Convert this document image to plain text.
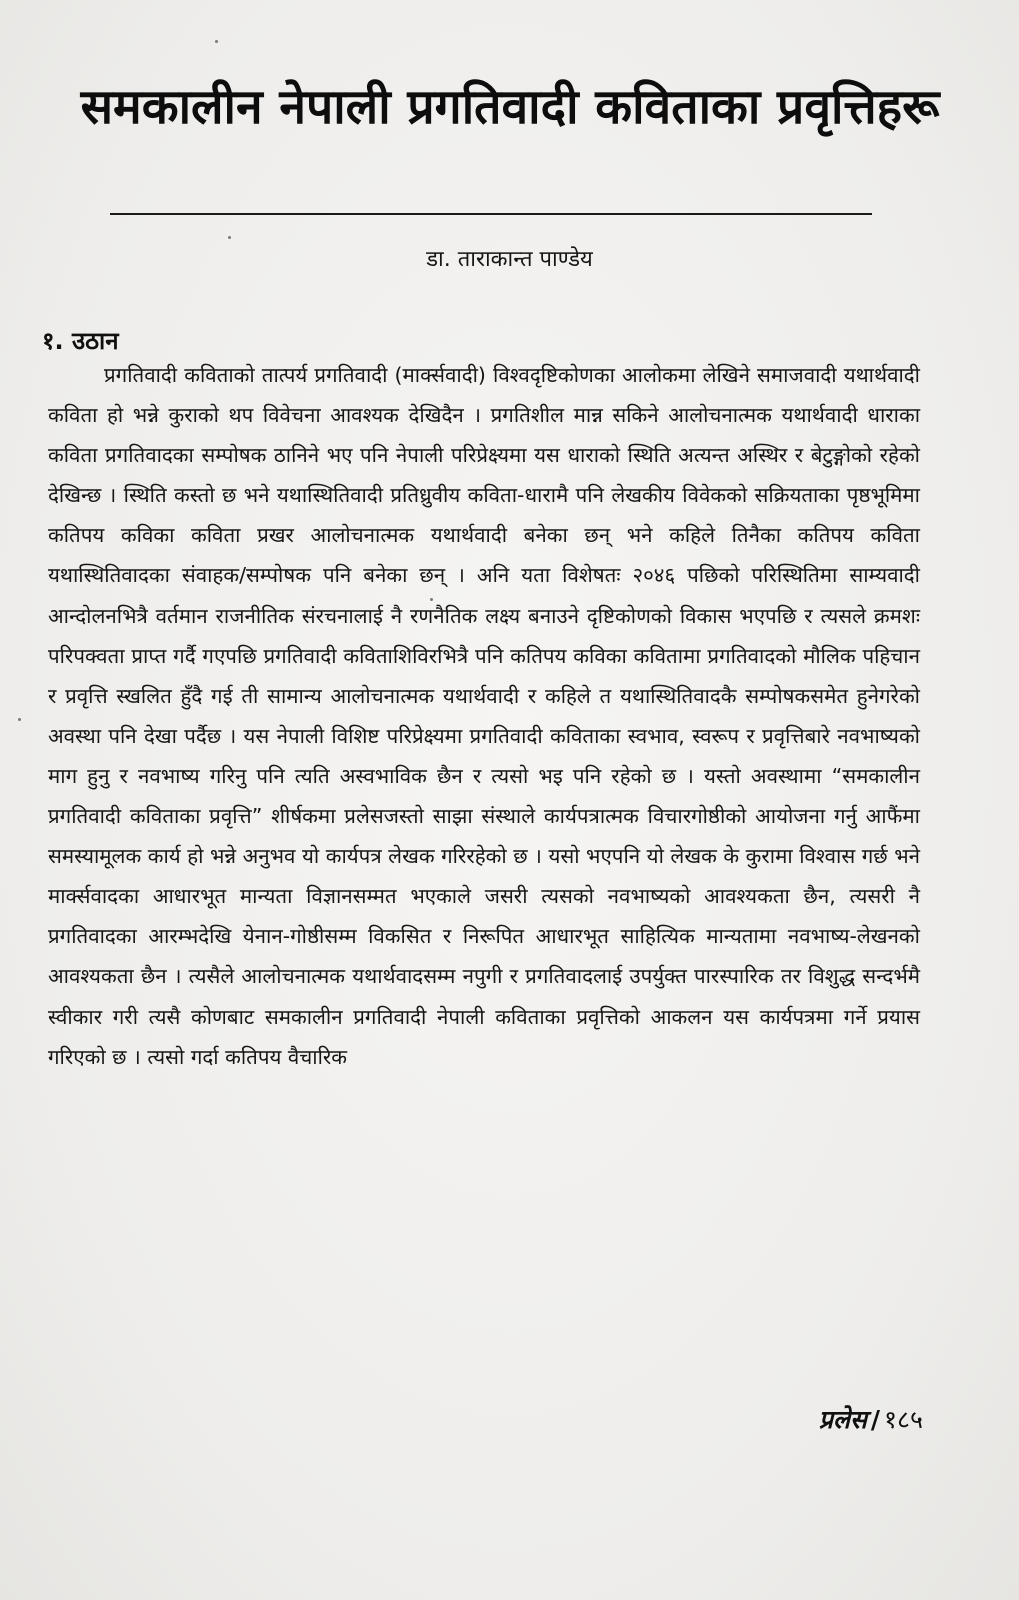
समकालीन नेपाली प्रगतिवादी कविताका प्रवृत्तिहरू
डा. ताराकान्त पाण्डेय
१. उठान

प्रगतिवादी कविताको तात्पर्य प्रगतिवादी (मार्क्सवादी) विश्वदृष्टिकोणका आलोकमा लेखिने समाजवादी यथार्थवादी कविता हो भन्ने कुराको थप विवेचना आवश्यक देखिदैन । प्रगतिशील मान्न सकिने आलोचनात्मक यथार्थवादी धाराका कविता प्रगतिवादका सम्पोषक ठानिने भए पनि नेपाली परिप्रेक्ष्यमा यस धाराको स्थिति अत्यन्त अस्थिर र बेटुङ्गोको रहेको देखिन्छ । स्थिति कस्तो छ भने यथास्थितिवादी प्रतिध्रुवीय कविता-धारामै पनि लेखकीय विवेकको सक्रियताका पृष्ठभूमिमा कतिपय कविका कविता प्रखर आलोचनात्मक यथार्थवादी बनेका छन् भने कहिले तिनैका कतिपय कविता यथास्थितिवादका संवाहक/सम्पोषक पनि बनेका छन् । अनि यता विशेषतः २०४६ पछिको परिस्थितिमा साम्यवादी आन्दोलनभित्रै वर्तमान राजनीतिक संरचनालाई नै रणनैतिक लक्ष्य बनाउने दृष्टिकोणको विकास भएपछि र त्यसले क्रमशः परिपक्वता प्राप्त गर्दै गएपछि प्रगतिवादी कविताशिविरभित्रै पनि कतिपय कविका कवितामा प्रगतिवादको मौलिक पहिचान र प्रवृत्ति स्खलित हुँदै गई ती सामान्य आलोचनात्मक यथार्थवादी र कहिले त यथास्थितिवादकै सम्पोषकसमेत हुनेगरेको अवस्था पनि देखा पर्दैछ । यस नेपाली विशिष्ट परिप्रेक्ष्यमा प्रगतिवादी कविताका स्वभाव, स्वरूप र प्रवृत्तिबारे नवभाष्यको माग हुनु र नवभाष्य गरिनु पनि त्यति अस्वभाविक छैन र त्यसो भइ पनि रहेको छ । यस्तो अवस्थामा “समकालीन प्रगतिवादी कविताका प्रवृत्ति” शीर्षकमा प्रलेसजस्तो साझा संस्थाले कार्यपत्रात्मक विचारगोष्ठीको आयोजना गर्नु आफैंमा समस्यामूलक कार्य हो भन्ने अनुभव यो कार्यपत्र लेखक गरिरहेको छ । यसो भएपनि यो लेखक के कुरामा विश्वास गर्छ भने मार्क्सवादका आधारभूत मान्यता विज्ञानसम्मत भएकाले जसरी त्यसको नवभाष्यको आवश्यकता छैन, त्यसरी नै प्रगतिवादका आरम्भदेखि येनान-गोष्ठीसम्म विकसित र निरूपित आधारभूत साहित्यिक मान्यतामा नवभाष्य-लेखनको आवश्यकता छैन । त्यसैले आलोचनात्मक यथार्थवादसम्म नपुगी र प्रगतिवादलाई उपर्युक्त पारस्पारिक तर विशुद्ध सन्दर्भमै स्वीकार गरी त्यसै कोणबाट समकालीन प्रगतिवादी नेपाली कविताका प्रवृत्तिको आकलन यस कार्यपत्रमा गर्ने प्रयास गरिएको छ । त्यसो गर्दा कतिपय वैचारिक

प्रलेस / १८५
